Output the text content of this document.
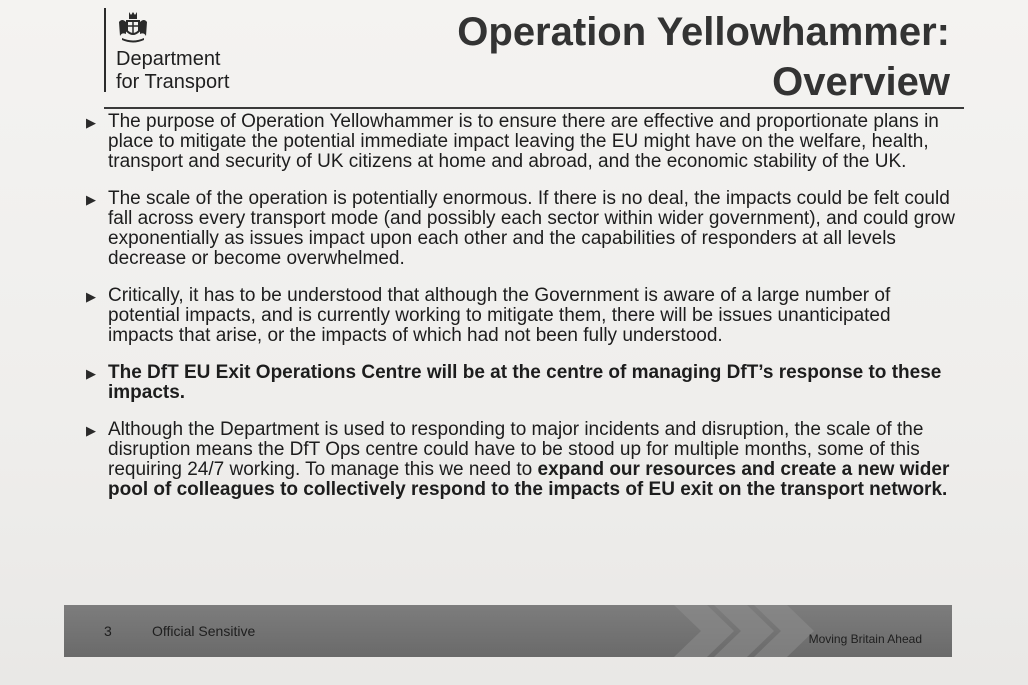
Department
for Transport
Operation Yellowhammer:
Overview
▶ The purpose of Operation Yellowhammer is to ensure there are effective and proportionate plans in place to mitigate the potential immediate impact leaving the EU might have on the welfare, health, transport and security of UK citizens at home and abroad, and the economic stability of the UK.
▶ The scale of the operation is potentially enormous. If there is no deal, the impacts could be felt could fall across every transport mode (and possibly each sector within wider government), and could grow exponentially as issues impact upon each other and the capabilities of responders at all levels decrease or become overwhelmed.
▶ Critically, it has to be understood that although the Government is aware of a large number of potential impacts, and is currently working to mitigate them, there will be issues unanticipated impacts that arise, or the impacts of which had not been fully understood.
▶ The DfT EU Exit Operations Centre will be at the centre of managing DfT’s response to these impacts.
▶ Although the Department is used to responding to major incidents and disruption, the scale of the disruption means the DfT Ops centre could have to be stood up for multiple months, some of this requiring 24/7 working. To manage this we need to expand our resources and create a new wider pool of colleagues to collectively respond to the impacts of EU exit on the transport network.
3	Official Sensitive	Moving Britain Ahead
